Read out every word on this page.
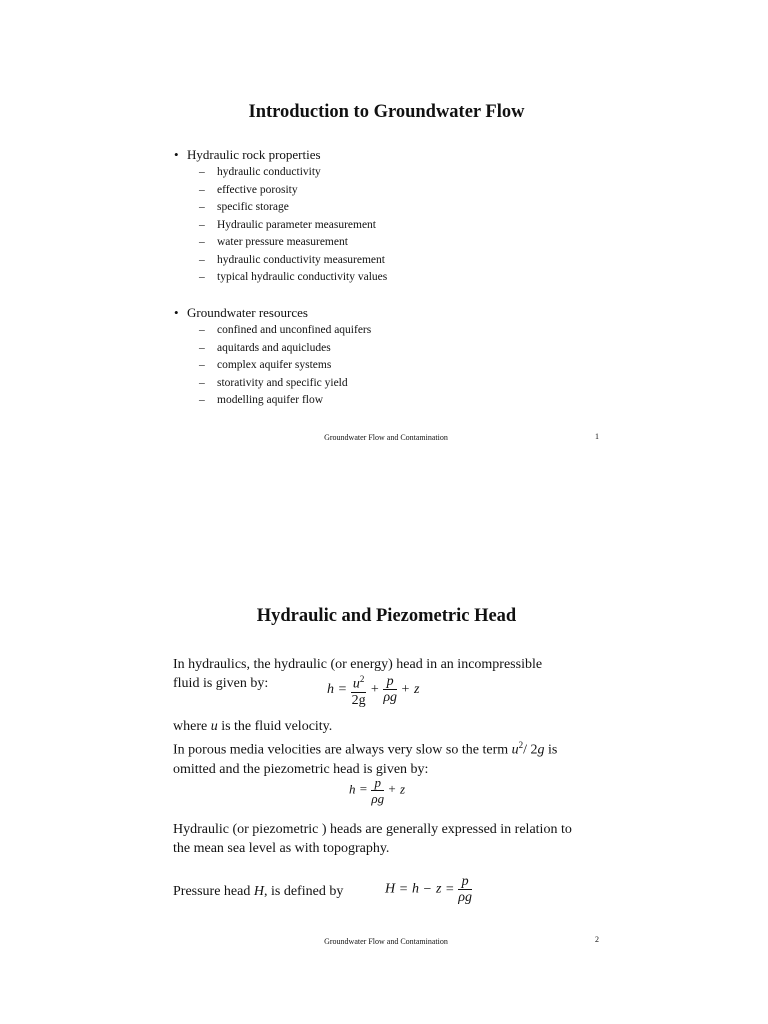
Introduction to Groundwater Flow
• Hydraulic rock properties
– hydraulic conductivity
– effective porosity
– specific storage
– Hydraulic parameter measurement
– water pressure measurement
– hydraulic conductivity measurement
– typical hydraulic conductivity values
• Groundwater resources
– confined and unconfined aquifers
– aquitards and aquicludes
– complex aquifer systems
– storativity and specific yield
– modelling aquifer flow
Groundwater Flow and Contamination	1
Hydraulic and Piezometric Head
In hydraulics, the hydraulic (or energy) head in an incompressible
fluid is given by:	$h = \frac{u^2}{2g} + \frac{p}{\rho g} + z$
where u is the fluid velocity.
In porous media velocities are always very slow so the term $u^2/$ 2g is
omitted and the piezometric head is given by:
$h = \frac{p}{\rho g} + z$
Hydraulic (or piezometric ) heads are generally expressed in relation to
the mean sea level as with topography.
Pressure head H, is defined by	$H = h - z = \frac{p}{\rho g}$
Groundwater Flow and Contamination	2
